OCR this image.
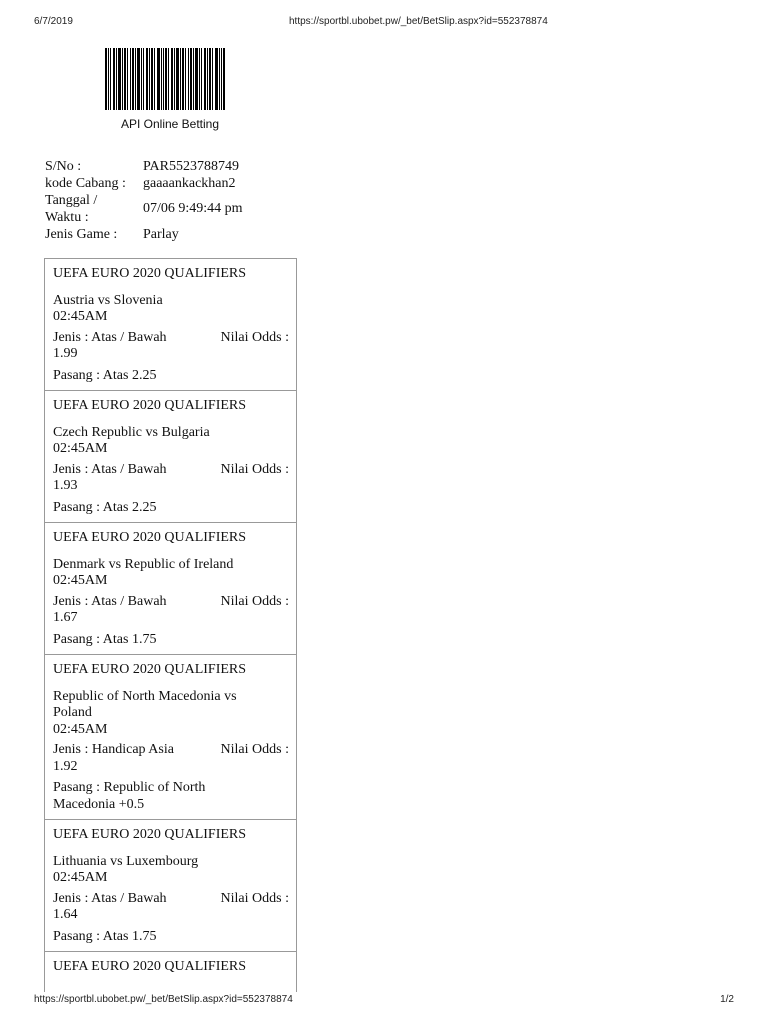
6/7/2019	https://sportbl.ubobet.pw/_bet/BetSlip.aspx?id=552378874
API Online Betting
S/No :	PAR5523788749
kode Cabang :	gaaaankackhan2
Tanggal /
Waktu :
07/06 9:49:44 pm
Jenis Game :	Parlay
UEFA EURO 2020 QUALIFIERS
Austria vs Slovenia
02:45AM
Jenis : Atas / Bawah	Nilai Odds :
1.99
Pasang : Atas 2.25
UEFA EURO 2020 QUALIFIERS
Czech Republic vs Bulgaria
02:45AM
Jenis : Atas / Bawah	Nilai Odds :
1.93
Pasang : Atas 2.25
UEFA EURO 2020 QUALIFIERS
Denmark vs Republic of Ireland
02:45AM
Jenis : Atas / Bawah	Nilai Odds :
1.67
Pasang : Atas 1.75
UEFA EURO 2020 QUALIFIERS
Republic of North Macedonia vs
Poland
02:45AM
Jenis : Handicap Asia	Nilai Odds :
1.92
Pasang : Republic of North
Macedonia +0.5
UEFA EURO 2020 QUALIFIERS
Lithuania vs Luxembourg
02:45AM
Jenis : Atas / Bawah	Nilai Odds :
1.64
Pasang : Atas 1.75
UEFA EURO 2020 QUALIFIERS
https://sportbl.ubobet.pw/_bet/BetSlip.aspx?id=552378874	1/2
